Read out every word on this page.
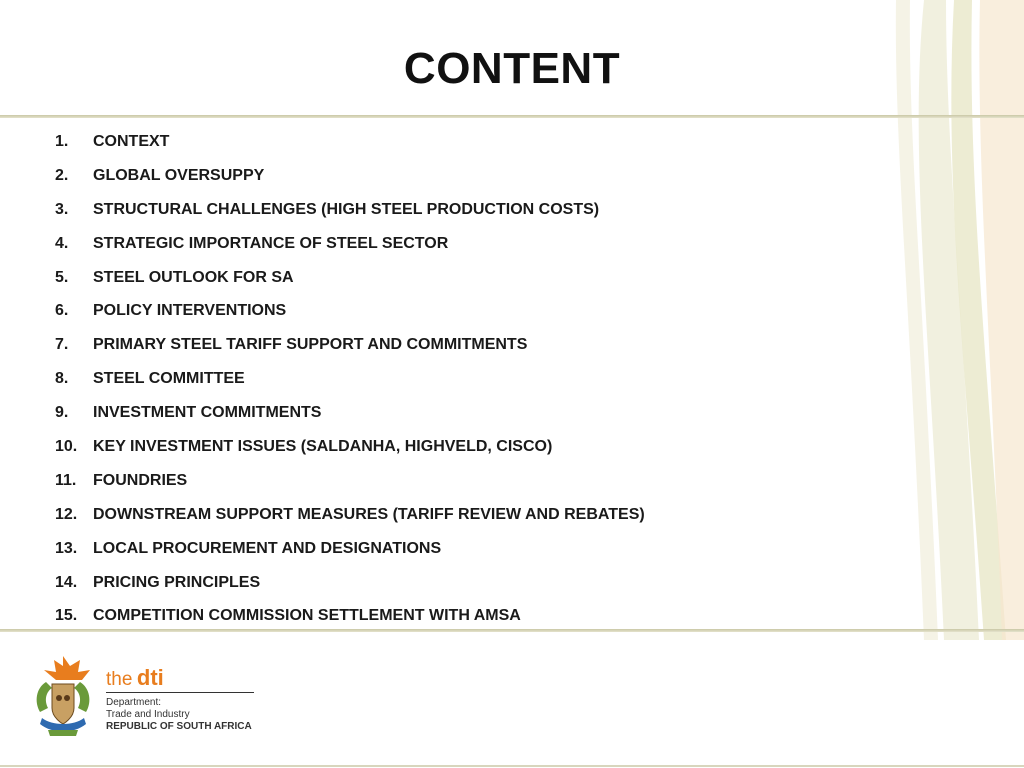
CONTENT
1.	CONTEXT
2.	GLOBAL OVERSUPPY
3.	STRUCTURAL CHALLENGES (HIGH STEEL PRODUCTION COSTS)
4.	STRATEGIC IMPORTANCE OF STEEL SECTOR
5.	STEEL OUTLOOK FOR SA
6.	POLICY INTERVENTIONS
7.	PRIMARY STEEL TARIFF SUPPORT AND COMMITMENTS
8.	STEEL COMMITTEE
9.	INVESTMENT COMMITMENTS
10. KEY INVESTMENT ISSUES (SALDANHA, HIGHVELD, CISCO)
11.	FOUNDRIES
12. DOWNSTREAM SUPPORT MEASURES (TARIFF REVIEW AND REBATES)
13. LOCAL PROCUREMENT AND DESIGNATIONS
14. PRICING PRINCIPLES
15. COMPETITION COMMISSION SETTLEMENT WITH AMSA
the dti
Department:
Trade and Industry
REPUBLIC OF SOUTH AFRICA
